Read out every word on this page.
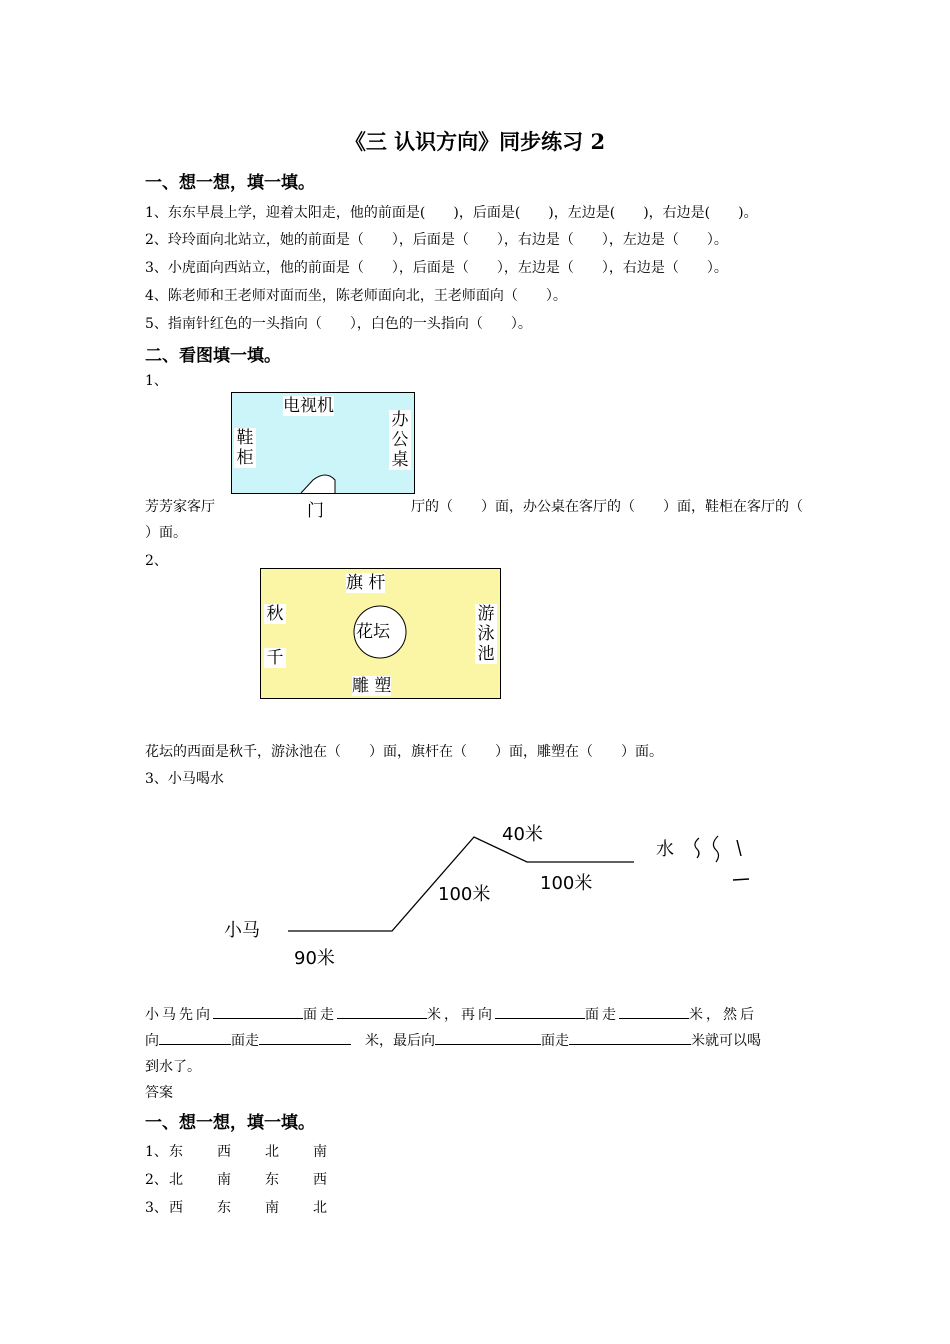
《三 认识方向》同步练习 2
一、想一想，填一填。
1、东东早晨上学，迎着太阳走，他的前面是(　　)，后面是(　　)，左边是(　　)，右边是(　　)。
2、玲玲面向北站立，她的前面是（　　），后面是（　　），右边是（　　），左边是（　　）。
3、小虎面向西站立，他的前面是（　　），后面是（　　），左边是（　　），右边是（　　）。
4、陈老师和王老师对面而坐，陈老师面向北，王老师面向（　　）。
5、指南针红色的一头指向（　　），白色的一头指向（　　）。
二、看图填一填。
1、
电视机
办公桌
鞋柜
门
芳芳家客厅	厅的（　　）面，办公桌在客厅的（　　）面，鞋柜在客厅的（
）面。
2、
旗 杆
秋
千
游泳池
花坛
雕 塑
花坛的西面是秋千，游泳池在（　　）面，旗杆在（　　）面，雕塑在（　　）面。
3、小马喝水
小马
90米
100米
40米
100米
水
小马先向	面走	米，再向	面走	米，然后
向	面走	米，最后向	面走	米就可以喝
到水了。
答案
一、想一想，填一填。
1、东 西 北 南
2、北 南 东 西
3、西 东 南 北
